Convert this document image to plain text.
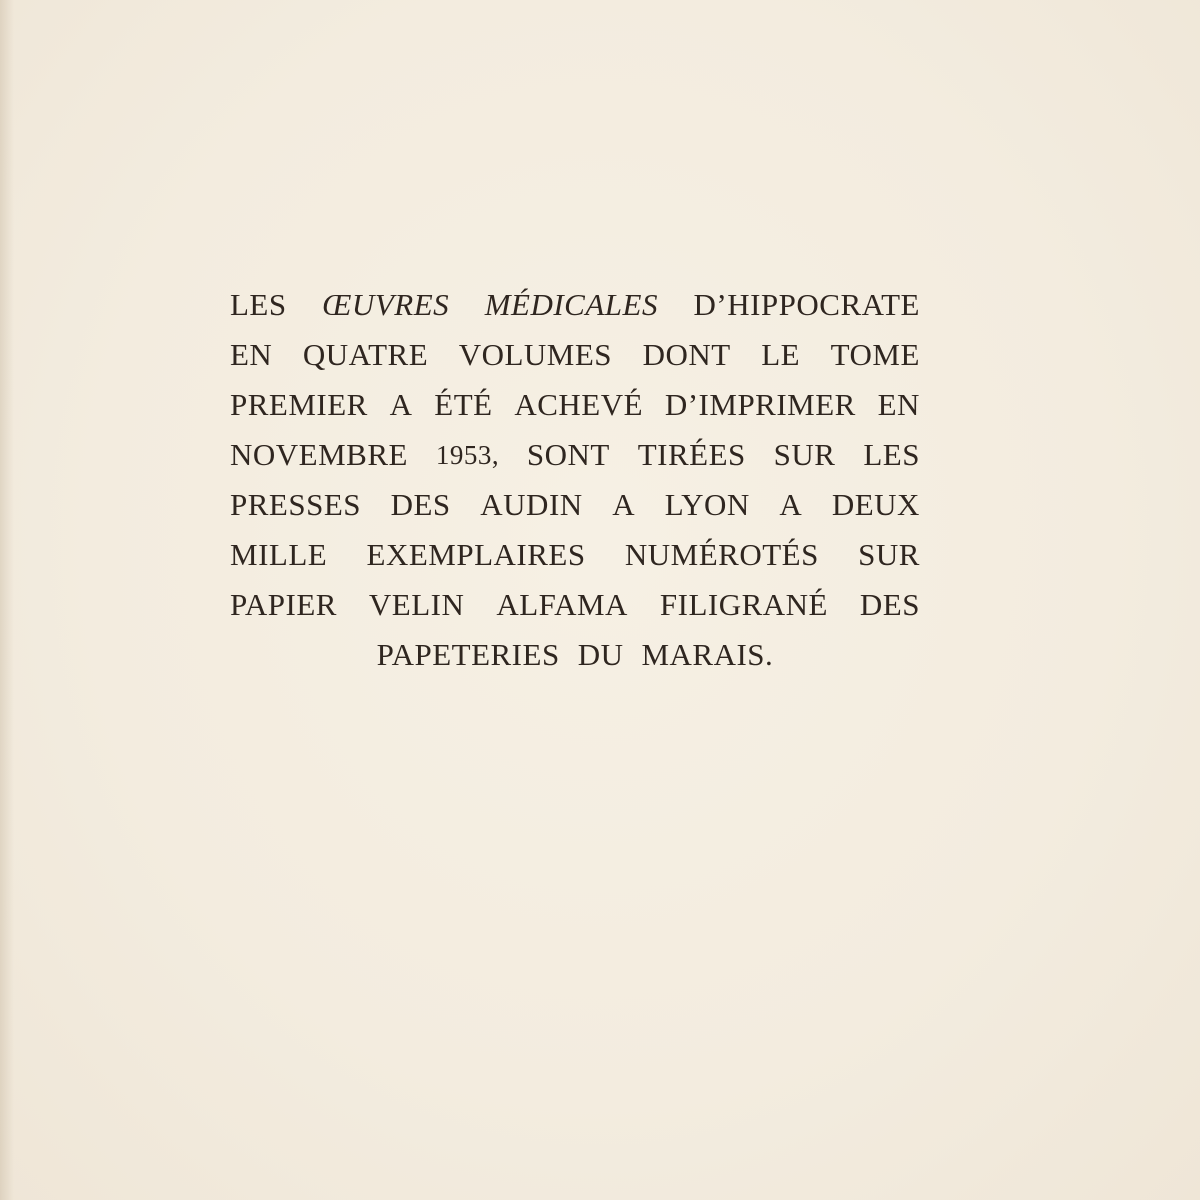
LES ŒUVRES MÉDICALES D’HIPPOCRATE
EN QUATRE VOLUMES DONT LE TOME
PREMIER A ÉTÉ ACHEVÉ D’IMPRIMER EN
NOVEMBRE 1953, SONT TIRÉES SUR LES
PRESSES DES AUDIN A LYON A DEUX
MILLE EXEMPLAIRES NUMÉROTÉS SUR
PAPIER VELIN ALFAMA FILIGRANÉ DES
PAPETERIES DU MARAIS.
